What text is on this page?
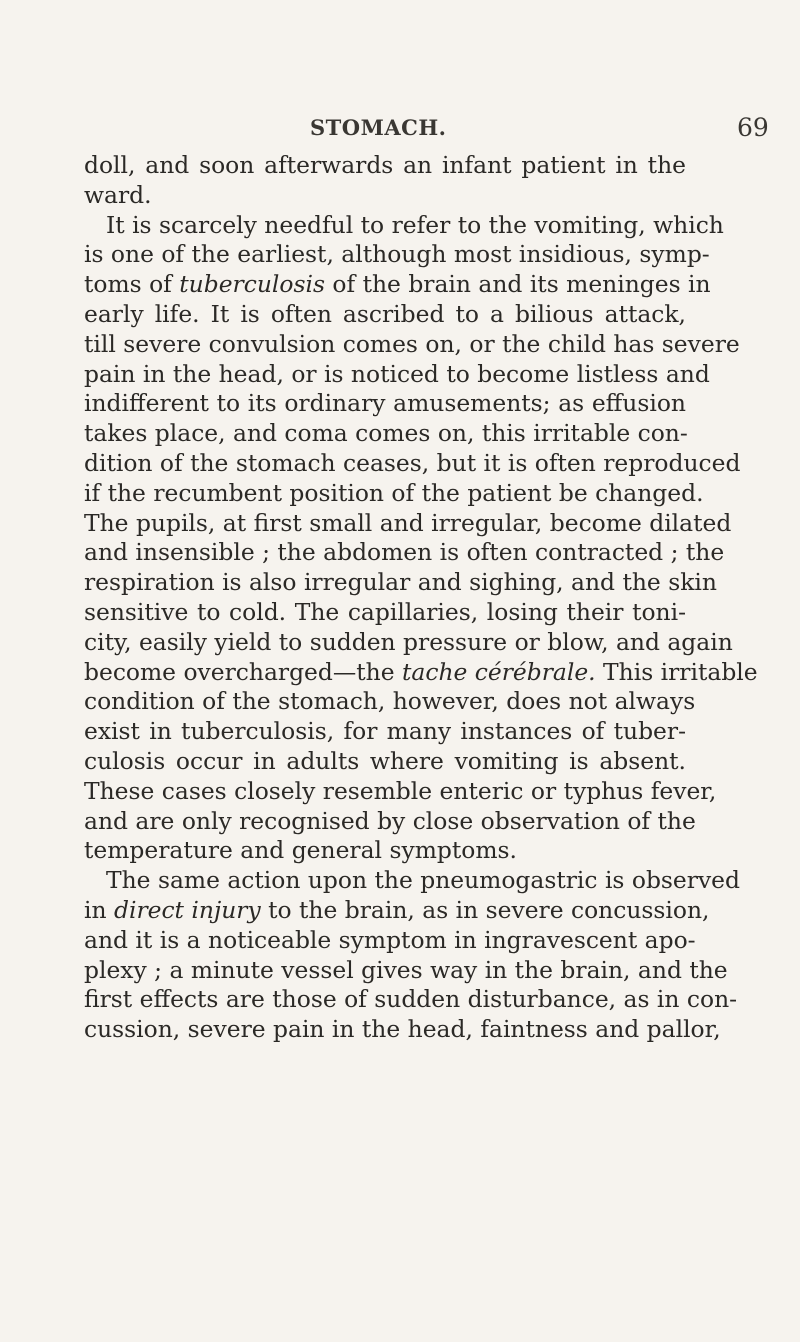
STOMACH.	69
doll, and soon afterwards an infant patient in the
ward.
It is scarcely needful to refer to the vomiting, which
is one of the earliest, although most insidious, symp-
toms of tuberculosis of the brain and its meninges in
early life. It is often ascribed to a bilious attack,
till severe convulsion comes on, or the child has severe
pain in the head, or is noticed to become listless and
indifferent to its ordinary amusements; as effusion
takes place, and coma comes on, this irritable con-
dition of the stomach ceases, but it is often reproduced
if the recumbent position of the patient be changed.
The pupils, at first small and irregular, become dilated
and insensible ; the abdomen is often contracted ; the
respiration is also irregular and sighing, and the skin
sensitive to cold. The capillaries, losing their toni-
city, easily yield to sudden pressure or blow, and again
become overcharged—the tache cérébrale. This irritable
condition of the stomach, however, does not always
exist in tuberculosis, for many instances of tuber-
culosis occur in adults where vomiting is absent.
These cases closely resemble enteric or typhus fever,
and are only recognised by close observation of the
temperature and general symptoms.
The same action upon the pneumogastric is observed
in direct injury to the brain, as in severe concussion,
and it is a noticeable symptom in ingravescent apo-
plexy ; a minute vessel gives way in the brain, and the
first effects are those of sudden disturbance, as in con-
cussion, severe pain in the head, faintness and pallor,
